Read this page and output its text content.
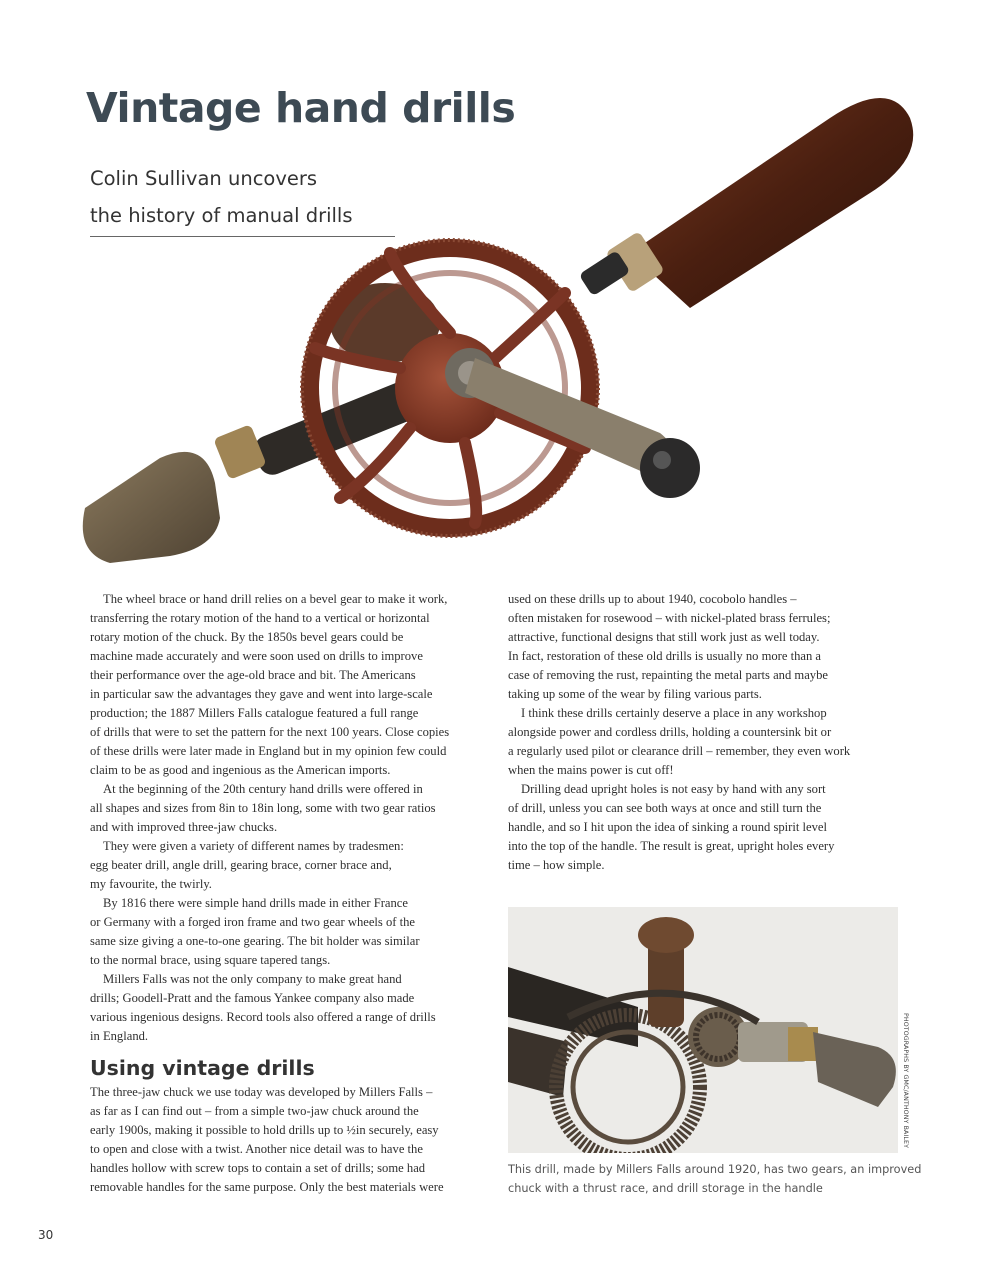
Vintage hand drills
Colin Sullivan uncovers
the history of manual drills

The wheel brace or hand drill relies on a bevel gear to make it work,
transferring the rotary motion of the hand to a vertical or horizontal
rotary motion of the chuck. By the 1850s bevel gears could be
machine made accurately and were soon used on drills to improve
their performance over the age-old brace and bit. The Americans
in particular saw the advantages they gave and went into large-scale
production; the 1887 Millers Falls catalogue featured a full range
of drills that were to set the pattern for the next 100 years. Close copies
of these drills were later made in England but in my opinion few could
claim to be as good and ingenious as the American imports.

At the beginning of the 20th century hand drills were offered in
all shapes and sizes from 8in to 18in long, some with two gear ratios
and with improved three-jaw chucks.

They were given a variety of different names by tradesmen:
egg beater drill, angle drill, gearing brace, corner brace and,
my favourite, the twirly.

By 1816 there were simple hand drills made in either France
or Germany with a forged iron frame and two gear wheels of the
same size giving a one-to-one gearing. The bit holder was similar
to the normal brace, using square tapered tangs.

Millers Falls was not the only company to make great hand
drills; Goodell-Pratt and the famous Yankee company also made
various ingenious designs. Record tools also offered a range of drills
in England.

Using vintage drills

The three-jaw chuck we use today was developed by Millers Falls –
as far as I can find out – from a simple two-jaw chuck around the
early 1900s, making it possible to hold drills up to ½in securely, easy
to open and close with a twist. Another nice detail was to have the
handles hollow with screw tops to contain a set of drills; some had
removable handles for the same purpose. Only the best materials were

used on these drills up to about 1940, cocobolo handles –
often mistaken for rosewood – with nickel-plated brass ferrules;
attractive, functional designs that still work just as well today.
In fact, restoration of these old drills is usually no more than a
case of removing the rust, repainting the metal parts and maybe
taking up some of the wear by filing various parts.

I think these drills certainly deserve a place in any workshop
alongside power and cordless drills, holding a countersink bit or
a regularly used pilot or clearance drill – remember, they even work
when the mains power is cut off!

Drilling dead upright holes is not easy by hand with any sort
of drill, unless you can see both ways at once and still turn the
handle, and so I hit upon the idea of sinking a round spirit level
into the top of the handle. The result is great, upright holes every
time – how simple.

PHOTOGRAPHS BY GMC/ANTHONY BAILEY
This drill, made by Millers Falls around 1920, has two gears, an improved
chuck with a thrust race, and drill storage in the handle
30
